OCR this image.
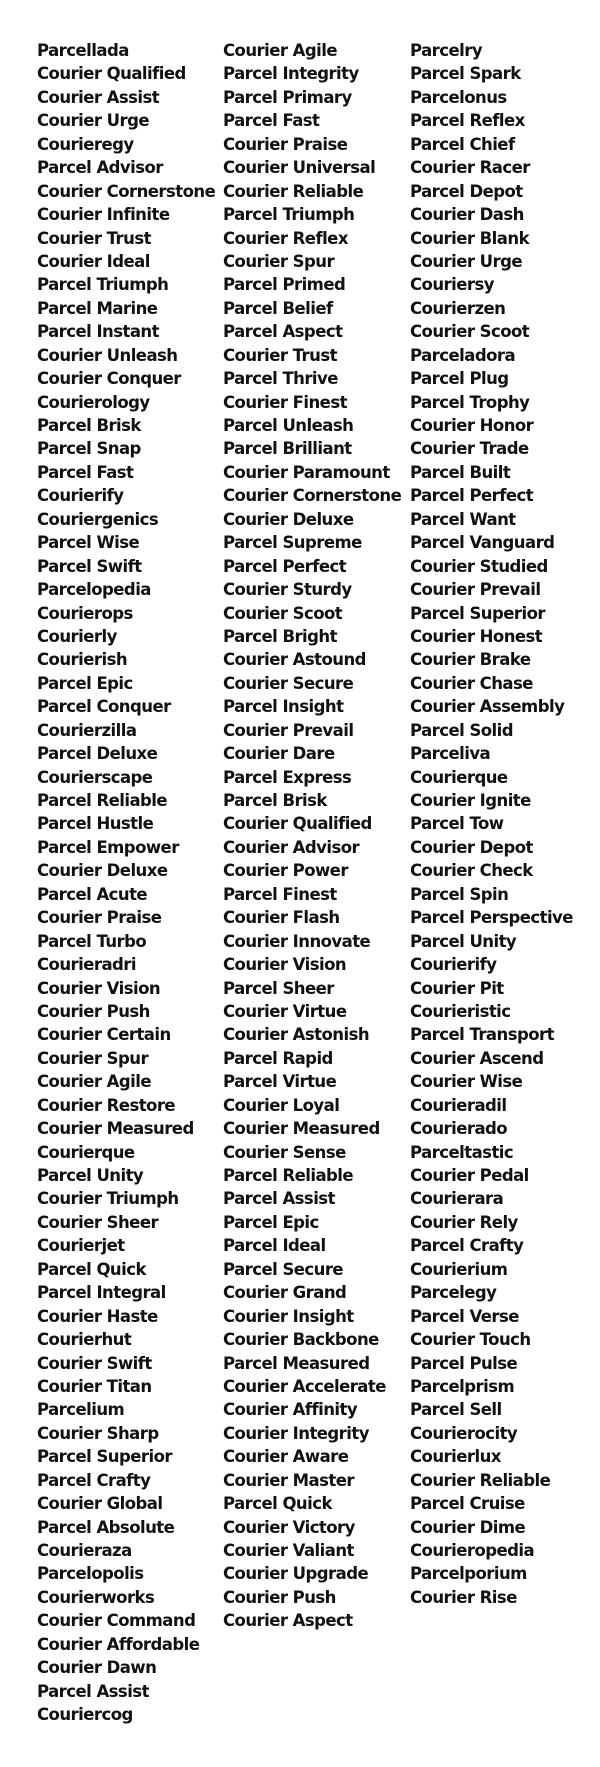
Parcellada
Courier Qualified
Courier Assist
Courier Urge
Courieregy
Parcel Advisor
Courier Cornerstone
Courier Infinite
Courier Trust
Courier Ideal
Parcel Triumph
Parcel Marine
Parcel Instant
Courier Unleash
Courier Conquer
Courierology
Parcel Brisk
Parcel Snap
Parcel Fast
Courierify
Couriergenics
Parcel Wise
Parcel Swift
Parcelopedia
Courierops
Courierly
Courierish
Parcel Epic
Parcel Conquer
Courierzilla
Parcel Deluxe
Courierscape
Parcel Reliable
Parcel Hustle
Parcel Empower
Courier Deluxe
Parcel Acute
Courier Praise
Parcel Turbo
Courieradri
Courier Vision
Courier Push
Courier Certain
Courier Spur
Courier Agile
Courier Restore
Courier Measured
Courierque
Parcel Unity
Courier Triumph
Courier Sheer
Courierjet
Parcel Quick
Parcel Integral
Courier Haste
Courierhut
Courier Swift
Courier Titan
Parcelium
Courier Sharp
Parcel Superior
Parcel Crafty
Courier Global
Parcel Absolute
Courieraza
Parcelopolis
Courierworks
Courier Command
Courier Affordable
Courier Dawn
Parcel Assist
Couriercog
Courier Agile
Parcel Integrity
Parcel Primary
Parcel Fast
Courier Praise
Courier Universal
Courier Reliable
Parcel Triumph
Courier Reflex
Courier Spur
Parcel Primed
Parcel Belief
Parcel Aspect
Courier Trust
Parcel Thrive
Courier Finest
Parcel Unleash
Parcel Brilliant
Courier Paramount
Courier Cornerstone
Courier Deluxe
Parcel Supreme
Parcel Perfect
Courier Sturdy
Courier Scoot
Parcel Bright
Courier Astound
Courier Secure
Parcel Insight
Courier Prevail
Courier Dare
Parcel Express
Parcel Brisk
Courier Qualified
Courier Advisor
Courier Power
Parcel Finest
Courier Flash
Courier Innovate
Courier Vision
Parcel Sheer
Courier Virtue
Courier Astonish
Parcel Rapid
Parcel Virtue
Courier Loyal
Courier Measured
Courier Sense
Parcel Reliable
Parcel Assist
Parcel Epic
Parcel Ideal
Parcel Secure
Courier Grand
Courier Insight
Courier Backbone
Parcel Measured
Courier Accelerate
Courier Affinity
Courier Integrity
Courier Aware
Courier Master
Parcel Quick
Courier Victory
Courier Valiant
Courier Upgrade
Courier Push
Courier Aspect
Parcelry
Parcel Spark
Parcelonus
Parcel Reflex
Parcel Chief
Courier Racer
Parcel Depot
Courier Dash
Courier Blank
Courier Urge
Couriersy
Courierzen
Courier Scoot
Parceladora
Parcel Plug
Parcel Trophy
Courier Honor
Courier Trade
Parcel Built
Parcel Perfect
Parcel Want
Parcel Vanguard
Courier Studied
Courier Prevail
Parcel Superior
Courier Honest
Courier Brake
Courier Chase
Courier Assembly
Parcel Solid
Parceliva
Courierque
Courier Ignite
Parcel Tow
Courier Depot
Courier Check
Parcel Spin
Parcel Perspective
Parcel Unity
Courierify
Courier Pit
Courieristic
Parcel Transport
Courier Ascend
Courier Wise
Courieradil
Courierado
Parceltastic
Courier Pedal
Courierara
Courier Rely
Parcel Crafty
Courierium
Parcelegy
Parcel Verse
Courier Touch
Parcel Pulse
Parcelprism
Parcel Sell
Courierocity
Courierlux
Courier Reliable
Parcel Cruise
Courier Dime
Courieropedia
Parcelporium
Courier Rise
